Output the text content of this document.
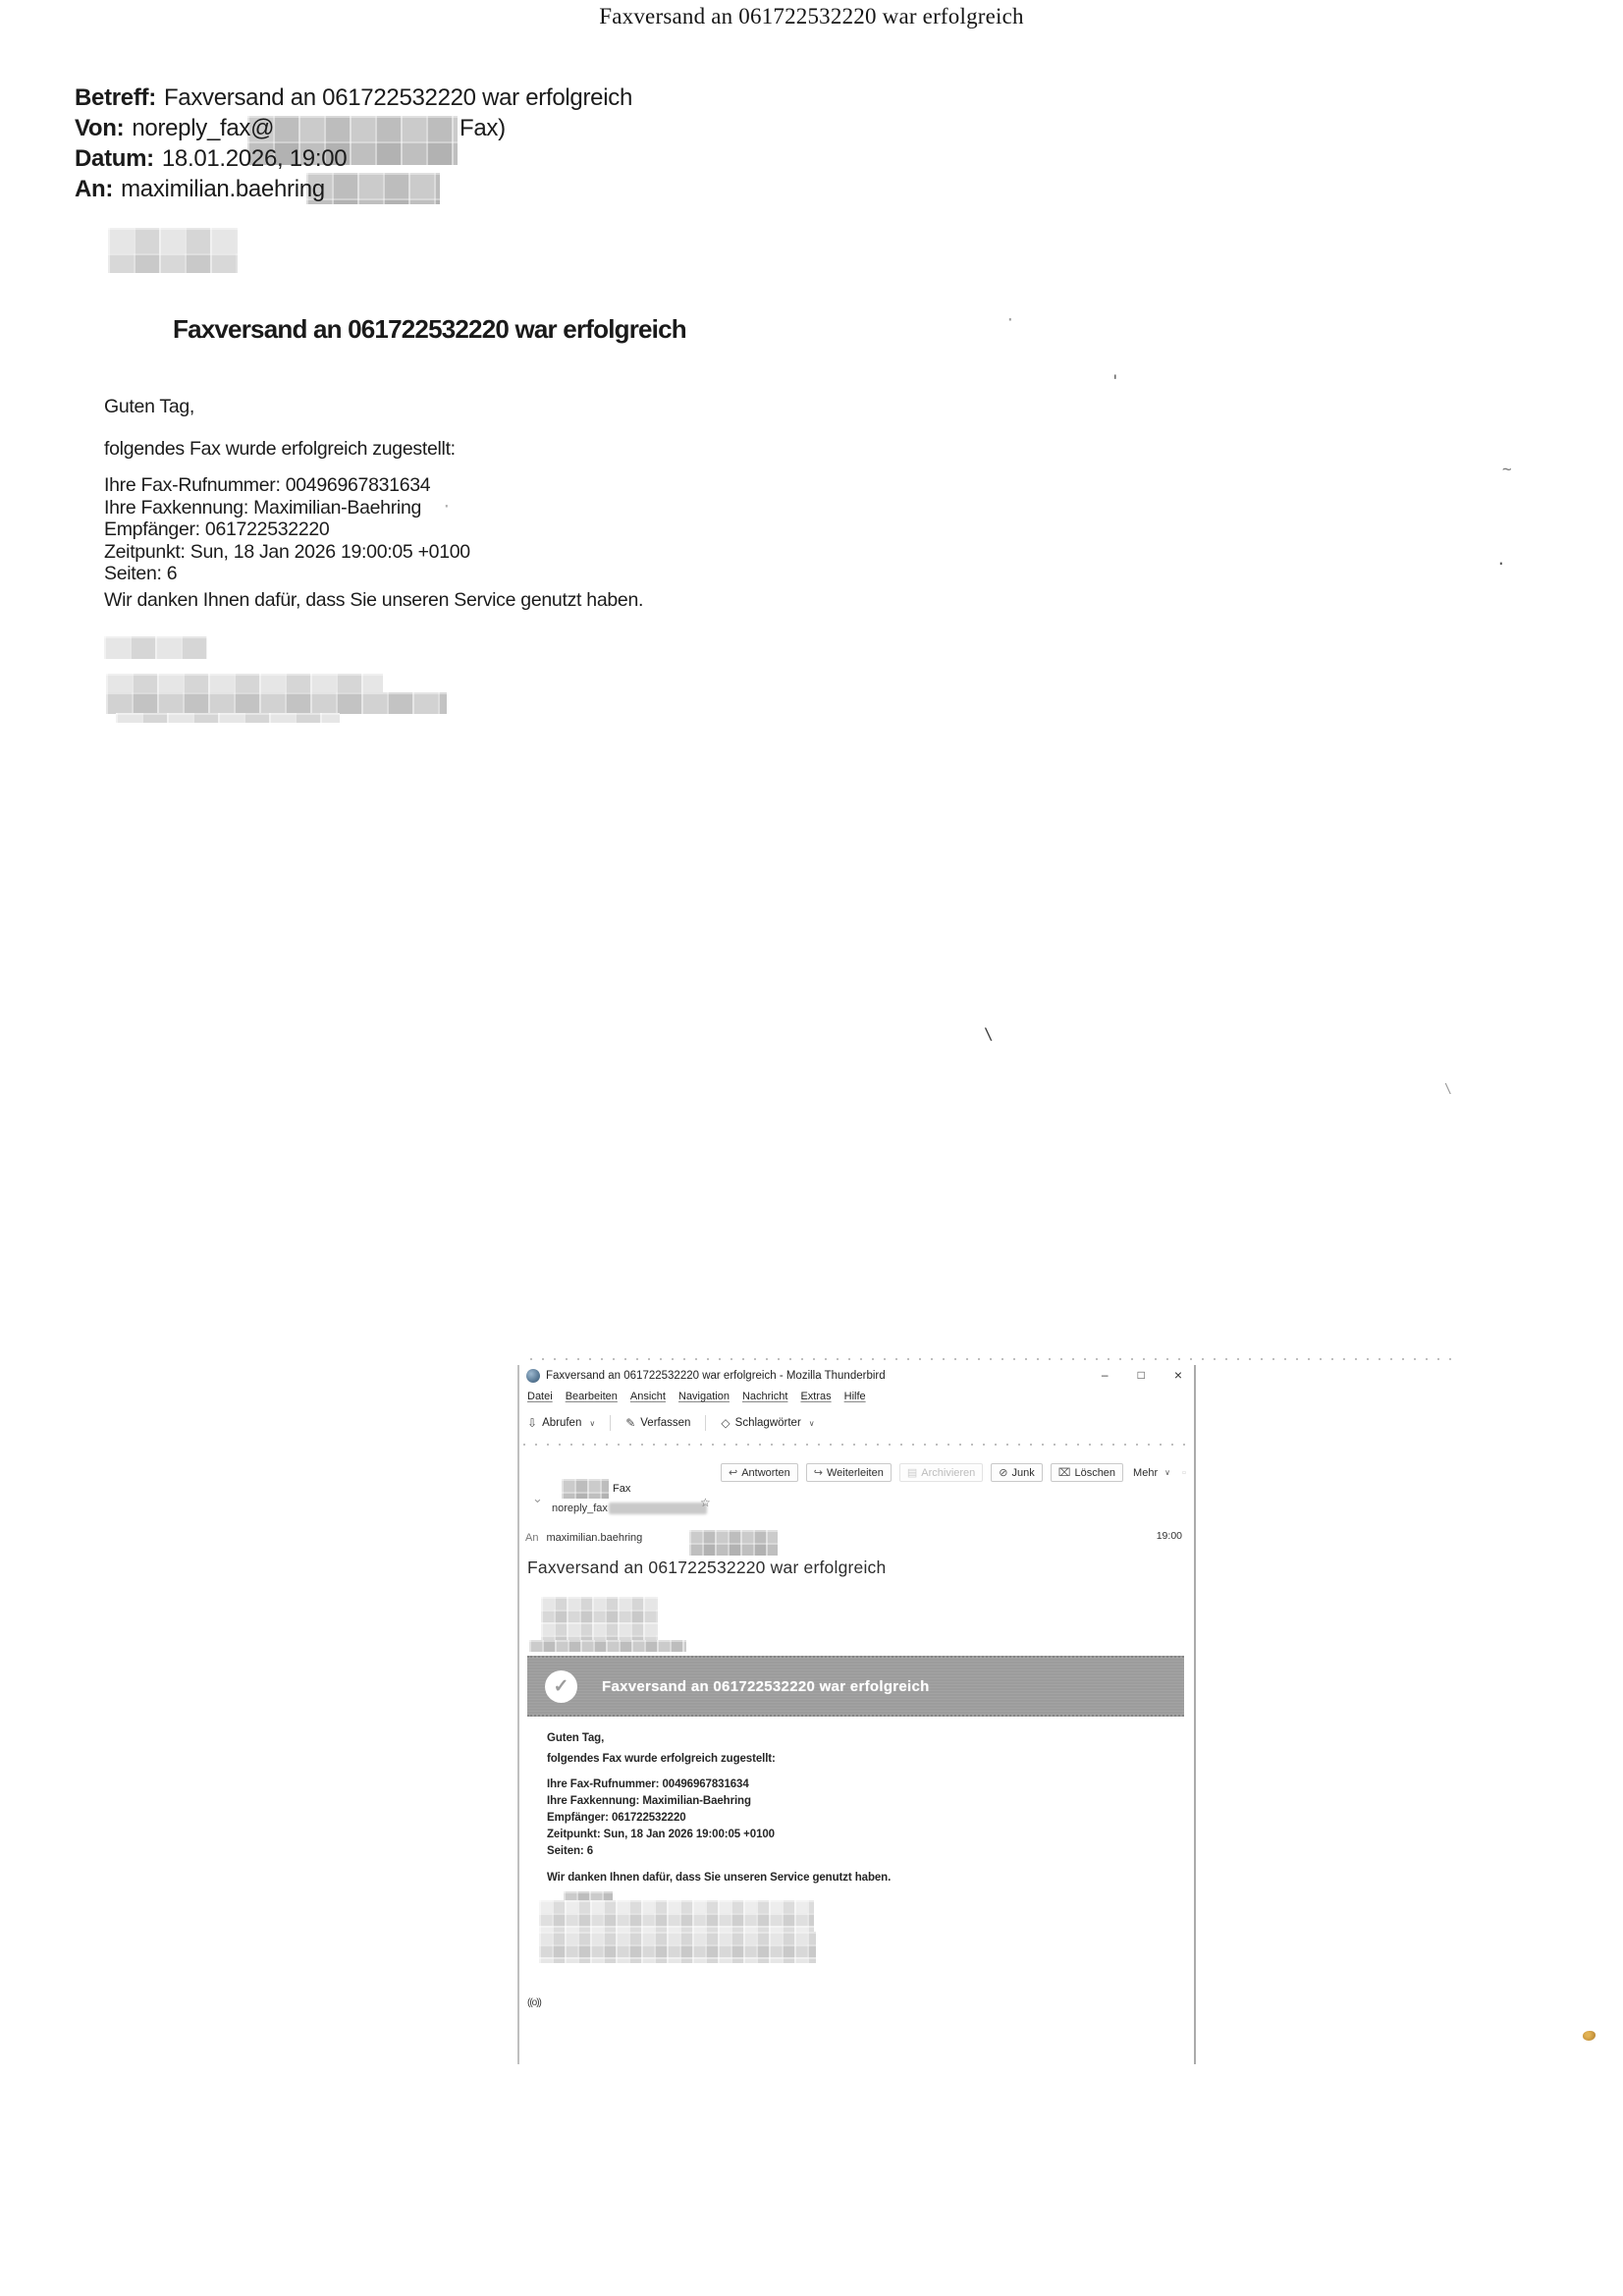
Faxversand an 061722532220 war erfolgreich
Betreff: Faxversand an 061722532220 war erfolgreich
Von: noreply_fax@	Fax)
Datum: 18.01.2026, 19:00
An: maximilian.baehring
Faxversand an 061722532220 war erfolgreich
Guten Tag,
folgendes Fax wurde erfolgreich zugestellt:
Ihre Fax-Rufnummer: 00496967831634
Ihre Faxkennung: Maximilian-Baehring
Empfänger: 061722532220
Zeitpunkt: Sun, 18 Jan 2026 19:00:05 +0100
Seiten: 6
Wir danken Ihnen dafür, dass Sie unseren Service genutzt haben.
'
~
.
\
\
·
·
Faxversand an 061722532220 war erfolgreich - Mozilla Thunderbird	–	□ ×
Datei Bearbeiten Ansicht Navigation Nachricht Extras Hilfe
⇩ Abrufen ∨	✎ Verfassen	◇ Schlagwörter ∨
↩ Antworten ↪ Weiterleiten ▤ Archivieren ⊘ Junk ⌧ Löschen Mehr ∨ ▫
⌄
Fax
noreply_fax	☆
An maximilian.baehring	19:00
Faxversand an 061722532220 war erfolgreich
✓	Faxversand an 061722532220 war erfolgreich
Guten Tag,
folgendes Fax wurde erfolgreich zugestellt:
Ihre Fax-Rufnummer: 00496967831634
Ihre Faxkennung: Maximilian-Baehring
Empfänger: 061722532220
Zeitpunkt: Sun, 18 Jan 2026 19:00:05 +0100
Seiten: 6
Wir danken Ihnen dafür, dass Sie unseren Service genutzt haben.
((o))
